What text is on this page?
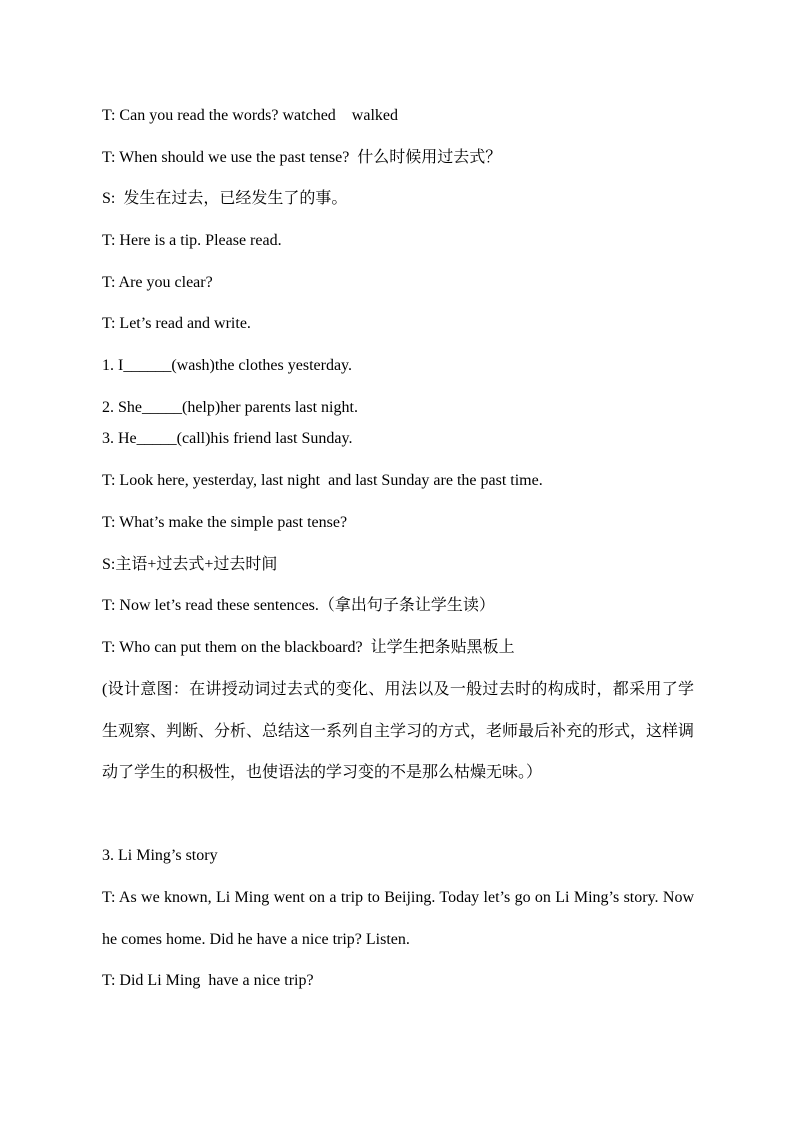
T: Can you read the words? watched    walked
T: When should we use the past tense?  什么时候用过去式？
S:  发生在过去，已经发生了的事。
T: Here is a tip. Please read.
T: Are you clear?
T: Let’s read and write.
1. I______(wash)the clothes yesterday.
2. She_____(help)her parents last night.
3. He_____(call)his friend last Sunday.
T: Look here, yesterday, last night  and last Sunday are the past time.
T: What’s make the simple past tense?
S:主语+过去式+过去时间
T: Now let’s read these sentences.（拿出句子条让学生读）
T: Who can put them on the blackboard?  让学生把条贴黑板上
(设计意图：在讲授动词过去式的变化、用法以及一般过去时的构成时，都采用了学生观察、判断、分析、总结这一系列自主学习的方式，老师最后补充的形式，这样调动了学生的积极性，也使语法的学习变的不是那么枯燥无味。）
3. Li Ming’s story
T: As we known, Li Ming went on a trip to Beijing. Today let’s go on Li Ming’s story. Now he comes home. Did he have a nice trip? Listen.
T: Did Li Ming  have a nice trip?
